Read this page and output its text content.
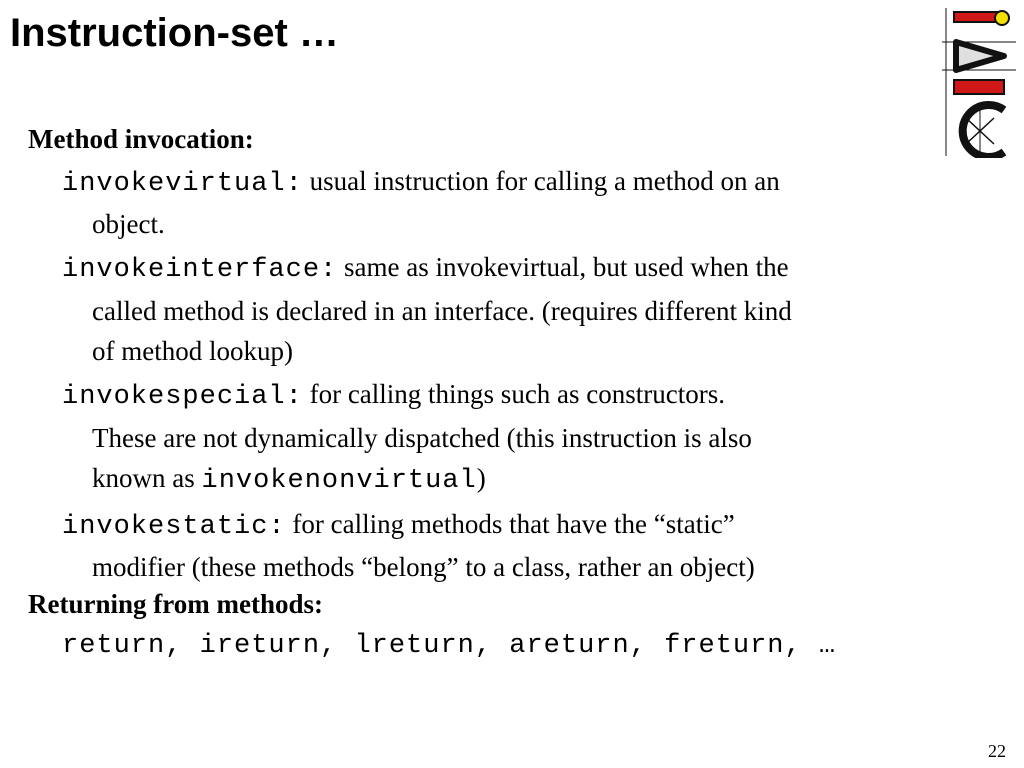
Instruction-set …
Method invocation:
invokevirtual: usual instruction for calling a method on an
object.
invokeinterface: same as invokevirtual, but used when the
called method is declared in an interface. (requires different kind
of method lookup)
invokespecial: for calling things such as constructors.
These are not dynamically dispatched (this instruction is also
known as invokenonvirtual)
invokestatic: for calling methods that have the “static”
modifier (these methods “belong” to a class, rather an object)
Returning from methods:
return, ireturn, lreturn, areturn, freturn, …
22
